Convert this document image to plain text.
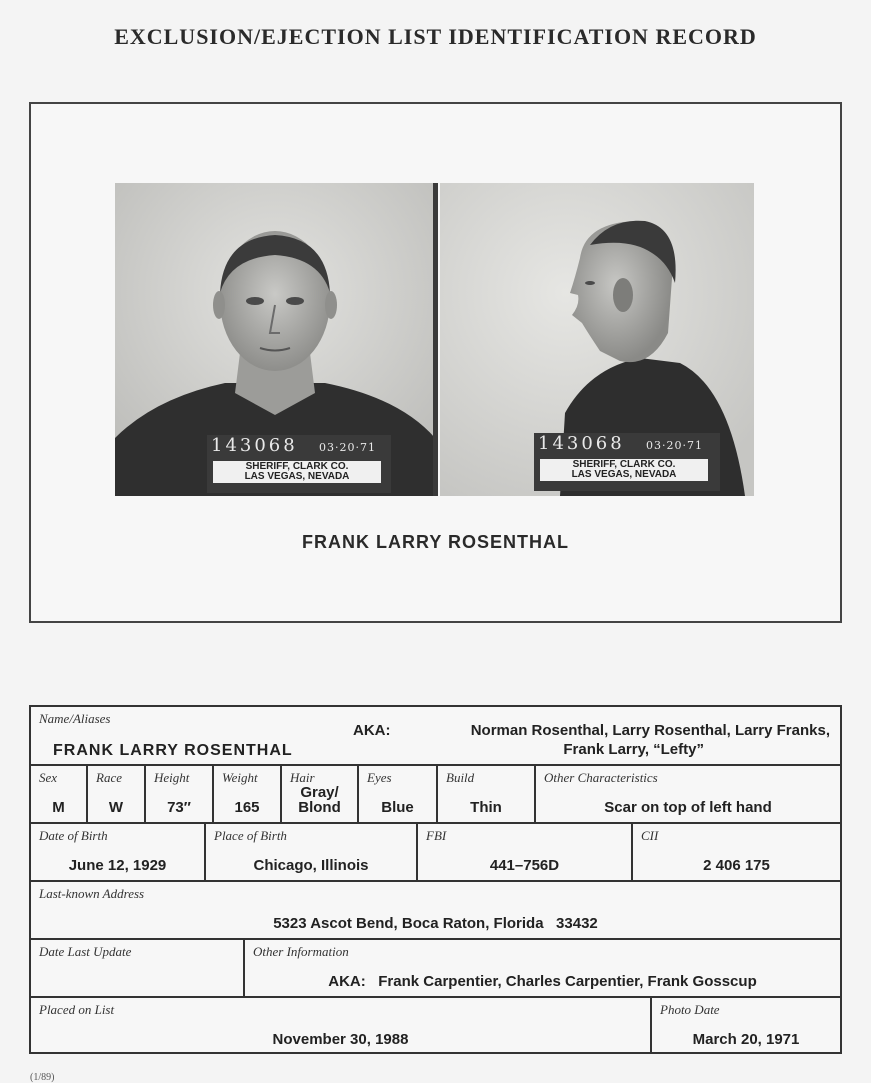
EXCLUSION/EJECTION LIST IDENTIFICATION RECORD
143068 03·20·71
SHERIFF, CLARK CO.
LAS VEGAS, NEVADA
143068 03·20·71
SHERIFF, CLARK CO.
LAS VEGAS, NEVADA
FRANK LARRY ROSENTHAL
Name/Aliases
FRANK LARRY ROSENTHAL
AKA:	Norman Rosenthal, Larry Rosenthal, Larry Franks,
Frank Larry, “Lefty”
Sex
M
Race
W
Height
73″
Weight
165
Hair
Gray/
Blond
Eyes
Blue
Build
Thin
Other Characteristics
Scar on top of left hand
Date of Birth
June 12, 1929
Place of Birth
Chicago, Illinois
FBI
441–756D
CII
2 406 175
Last-known Address
5323 Ascot Bend, Boca Raton, Florida   33432
Date Last Update	Other Information
AKA:   Frank Carpentier, Charles Carpentier, Frank Gosscup
Placed on List
November 30, 1988
Photo Date
March 20, 1971
(1/89)
